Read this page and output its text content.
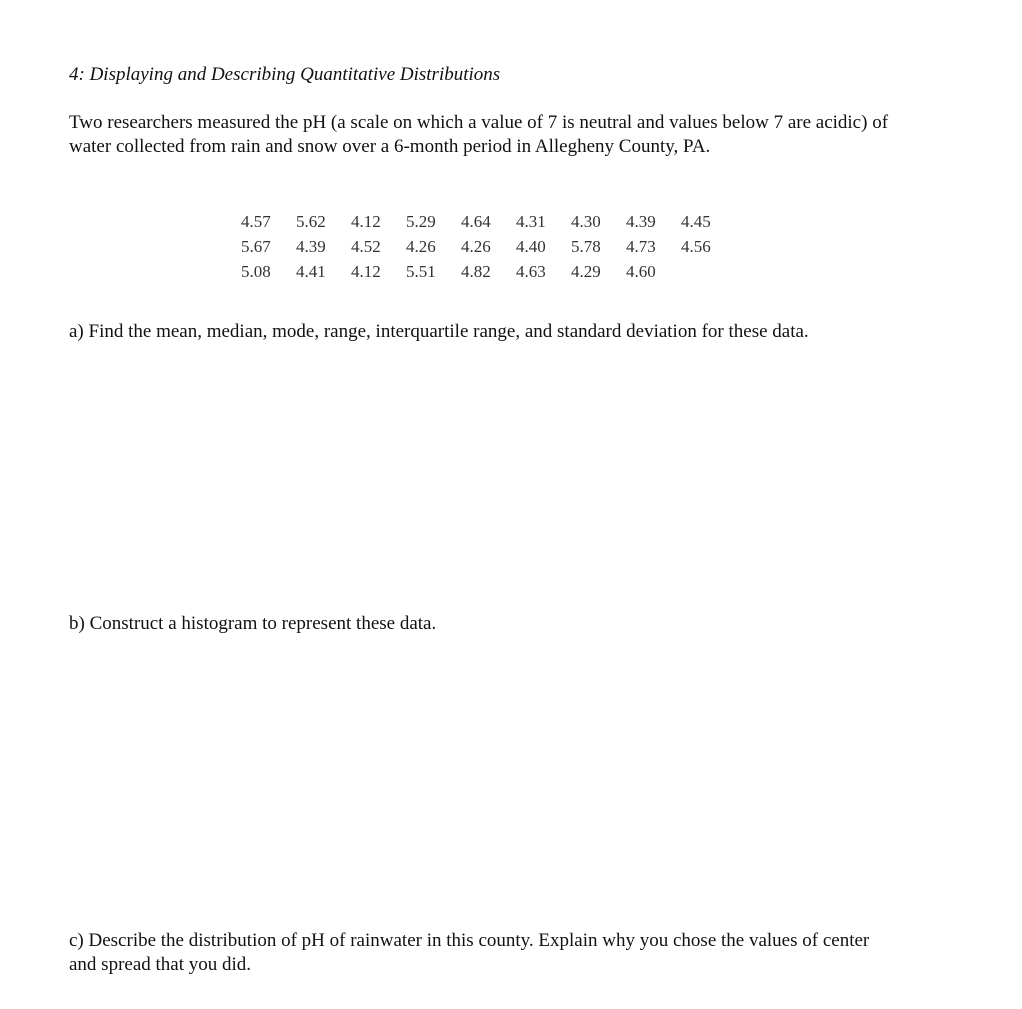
4: Displaying and Describing Quantitative Distributions
Two researchers measured the pH (a scale on which a value of 7 is neutral and values below 7 are acidic) of water collected from rain and snow over a 6-month period in Allegheny County, PA.
4.57	5.62	4.12	5.29	4.64	4.31	4.30	4.39	4.45
5.67	4.39	4.52	4.26	4.26	4.40	5.78	4.73	4.56
5.08	4.41	4.12	5.51	4.82	4.63	4.29	4.60	
a) Find the mean, median, mode, range, interquartile range, and standard deviation for these data.
b) Construct a histogram to represent these data.
c) Describe the distribution of pH of rainwater in this county. Explain why you chose the values of center and spread that you did.
